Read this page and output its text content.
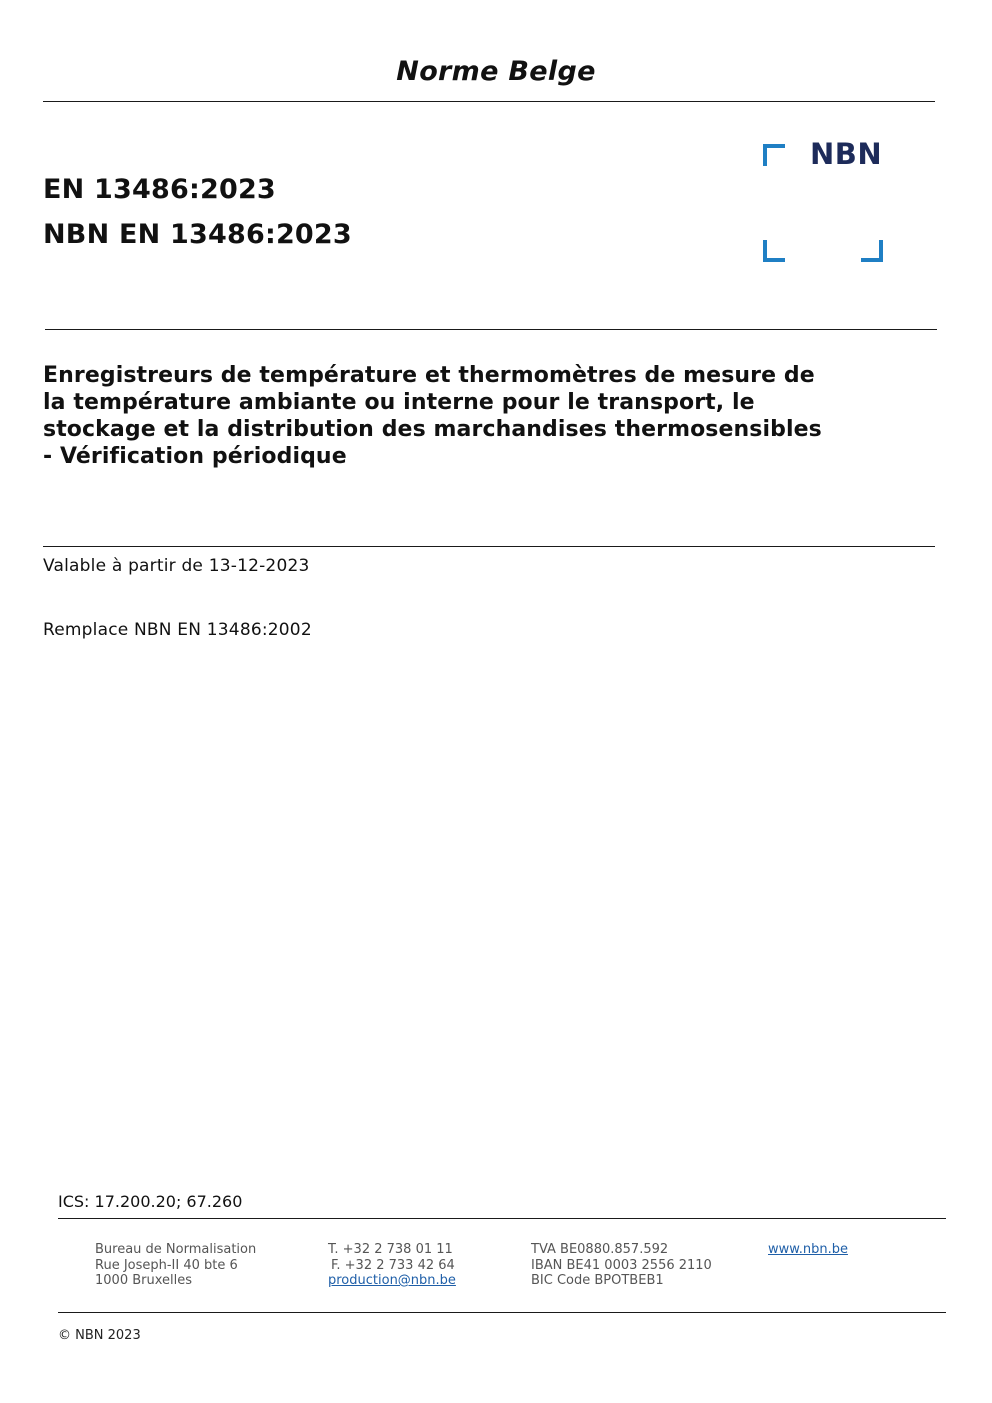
Norme Belge
EN 13486:2023
NBN EN 13486:2023
NBN
Enregistreurs de température et thermomètres de mesure de
la température ambiante ou interne pour le transport, le
stockage et la distribution des marchandises thermosensibles
- Vérification périodique
Valable à partir de 13-12-2023
Remplace NBN EN 13486:2002
ICS: 17.200.20; 67.260
Bureau de Normalisation
Rue Joseph-II 40 bte 6
1000 Bruxelles
T. +32 2 738 01 11
F. +32 2 733 42 64
production@nbn.be
TVA BE0880.857.592
IBAN BE41 0003 2556 2110
BIC Code BPOTBEB1
www.nbn.be
© NBN 2023
